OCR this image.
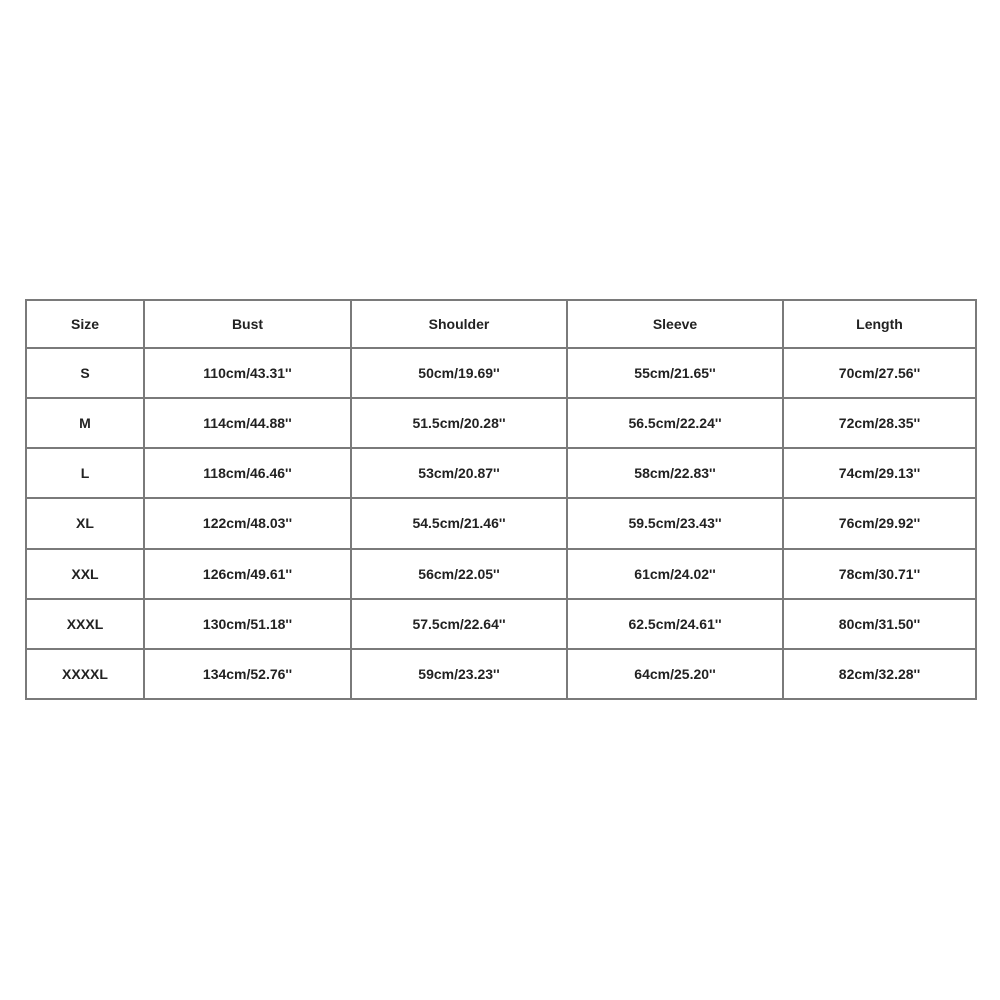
Size	Bust	Shoulder	Sleeve	Length
S	110cm/43.31''	50cm/19.69''	55cm/21.65''	70cm/27.56''
M	114cm/44.88''	51.5cm/20.28''	56.5cm/22.24''	72cm/28.35''
L	118cm/46.46''	53cm/20.87''	58cm/22.83''	74cm/29.13''
XL	122cm/48.03''	54.5cm/21.46''	59.5cm/23.43''	76cm/29.92''
XXL	126cm/49.61''	56cm/22.05''	61cm/24.02''	78cm/30.71''
XXXL	130cm/51.18''	57.5cm/22.64''	62.5cm/24.61''	80cm/31.50''
XXXXL	134cm/52.76''	59cm/23.23''	64cm/25.20''	82cm/32.28''
